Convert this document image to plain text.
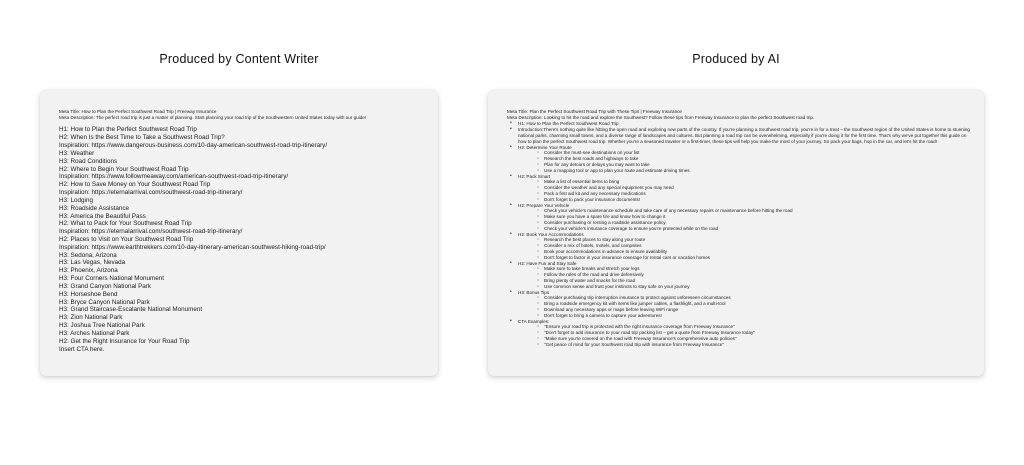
Produced by Content Writer	Produced by AI
Meta Title: How to Plan the Perfect Southwest Road Trip | Freeway Insurance
Meta Description: The perfect road trip is just a matter of planning. Start planning your road trip of the Southwestern United States today with our guide!
H1: How to Plan the Perfect Southwest Road Trip
H2: When Is the Best Time to Take a Southwest Road Trip?
Inspiration: https://www.dangerous-business.com/10-day-american-southwest-road-trip-itinerary/
H3: Weather
H3: Road Conditions
H2: Where to Begin Your Southwest Road Trip
Inspiration: https://www.followmeaway.com/american-southwest-road-trip-itinerary/
H2: How to Save Money on Your Southwest Road Trip
Inspiration: https://eternalarrival.com/southwest-road-trip-itinerary/
H3: Lodging
H3: Roadside Assistance
H3: America the Beautiful Pass
H2: What to Pack for Your Southwest Road Trip
Inspiration: https://eternalarrival.com/southwest-road-trip-itinerary/
H2: Places to Visit on Your Southwest Road Trip
Inspiration: https://www.earthtrekkers.com/10-day-itinerary-american-southwest-hiking-road-trip/
H3: Sedona, Arizona
H3: Las Vegas, Nevada
H3: Phoenix, Arizona
H3: Four Corners National Monument
H3: Grand Canyon National Park
H3: Horseshoe Bend
H3: Bryce Canyon National Park
H3: Grand Staircase-Escalante National Monument
H3: Zion National Park
H3: Joshua Tree National Park
H3: Arches National Park
H2: Get the Right Insurance for Your Road Trip
Insert CTA here.
Meta Title: Plan the Perfect Southwest Road Trip with These Tips | Freeway Insurance
Meta Description: Looking to hit the road and explore the Southwest? Follow these tips from Freeway Insurance to plan the perfect Southwest road trip.
• H1: How to Plan the Perfect Southwest Road Trip
• Introduction:There's nothing quite like hitting the open road and exploring new parts of the country. If you're planning a Southwest road trip, you're in for a treat – the Southwest region of the United States is home to stunning national parks, charming small towns, and a diverse range of landscapes and cultures. But planning a road trip can be overwhelming, especially if you're doing it for the first time. That's why we've put together this guide on how to plan the perfect Southwest road trip. Whether you're a seasoned traveler or a first-timer, these tips will help you make the most of your journey. So pack your bags, hop in the car, and let's hit the road!
• H2: Determine Your Route
○ Consider the must-see destinations on your list
○ Research the best roads and highways to take
○ Plan for any detours or delays you may want to take
○ Use a mapping tool or app to plan your route and estimate driving times
• H2: Pack Smart
○ Make a list of essential items to bring
○ Consider the weather and any special equipment you may need
○ Pack a first aid kit and any necessary medications
○ Don't forget to pack your insurance documents!
• H2: Prepare Your Vehicle
○ Check your vehicle's maintenance schedule and take care of any necessary repairs or maintenance before hitting the road
○ Make sure you have a spare tire and know how to change it
○ Consider purchasing or renting a roadside assistance policy
○ Check your vehicle's insurance coverage to ensure you're protected while on the road
• H2: Book Your Accommodations
○ Research the best places to stay along your route
○ Consider a mix of hotels, motels, and campsites
○ Book your accommodations in advance to ensure availability
○ Don't forget to factor in your insurance coverage for rental cars or vacation homes
• H2: Have Fun and Stay Safe
○ Make sure to take breaks and stretch your legs
○ Follow the rules of the road and drive defensively
○ Bring plenty of water and snacks for the road
○ Use common sense and trust your instincts to stay safe on your journey
• H3: Bonus Tips
○ Consider purchasing trip interruption insurance to protect against unforeseen circumstances
○ Bring a roadside emergency kit with items like jumper cables, a flashlight, and a multi-tool
○ Download any necessary apps or maps before leaving WiFi range
○ Don't forget to bring a camera to capture your adventures!
• CTA Examples:
○ "Ensure your road trip is protected with the right insurance coverage from Freeway Insurance"
○ "Don't forget to add insurance to your road trip packing list – get a quote from Freeway Insurance today"
○ "Make sure you're covered on the road with Freeway Insurance's comprehensive auto policies"
○ "Get peace of mind for your Southwest road trip with insurance from Freeway Insurance"
